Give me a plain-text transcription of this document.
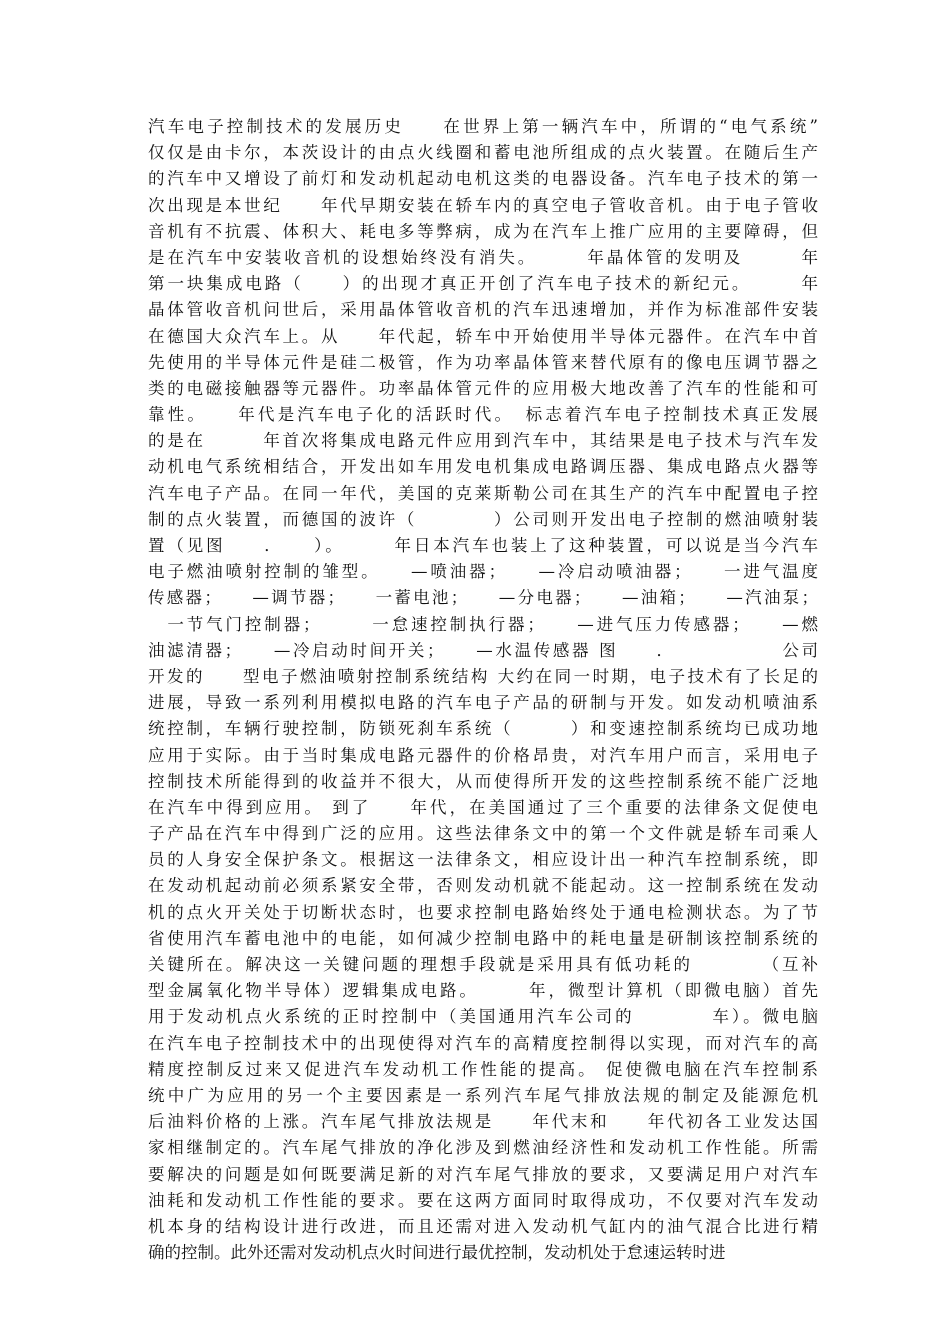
汽车电子控制技术的发展历史　　在世界上第一辆汽车中，所谓的“电气系统”
仅仅是由卡尔，本茨设计的由点火线圈和蓄电池所组成的点火装置。在随后生产
的汽车中又增设了前灯和发动机起动电机这类的电器设备。汽车电子技术的第一
次出现是本世纪　　年代早期安装在轿车内的真空电子管收音机。由于电子管收
音机有不抗震、体积大、耗电多等弊病，成为在汽车上推广应用的主要障碍，但
是在汽车中安装收音机的设想始终没有消失。　　　年晶体管的发明及　　　年
第一块集成电路（　　）的出现才真正开创了汽车电子技术的新纪元。　　　年
晶体管收音机问世后，采用晶体管收音机的汽车迅速增加，并作为标准部件安装
在德国大众汽车上。从　　年代起，轿车中开始使用半导体元器件。在汽车中首
先使用的半导体元件是硅二极管，作为功率晶体管来替代原有的像电压调节器之
类的电磁接触器等元器件。功率晶体管元件的应用极大地改善了汽车的性能和可
靠性。　　年代是汽车电子化的活跃时代。　标志着汽车电子控制技术真正发展
的是在　　　年首次将集成电路元件应用到汽车中，其结果是电子技术与汽车发
动机电气系统相结合，开发出如车用发电机集成电路调压器、集成电路点火器等
汽车电子产品。在同一年代，美国的克莱斯勒公司在其生产的汽车中配置电子控
制的点火装置，而德国的波许（　　　　）公司则开发出电子控制的燃油喷射装
置（见图　　．　　）。　　　年日本汽车也装上了这种装置，可以说是当今汽车
电子燃油喷射控制的雏型。　　—喷油器；　　—冷启动喷油器；　　一进气温度
传感器；　　—调节器；　　一蓄电池；　　—分电器；　　—油箱；　　—汽油泵；
　一节气门控制器；　　　一怠速控制执行器；　　—进气压力传感器；　　—燃
油滤清器；　　—冷启动时间开关；　　—水温传感器 图　　．　　　　　　公司
开发的　　型电子燃油喷射控制系统结构 大约在同一时期，电子技术有了长足的
进展，导致一系列利用模拟电路的汽车电子产品的研制与开发。如发动机喷油系
统控制，车辆行驶控制，防锁死刹车系统（　　　）和变速控制系统均已成功地
应用于实际。由于当时集成电路元器件的价格昂贵，对汽车用户而言，采用电子
控制技术所能得到的收益并不很大，从而使得所开发的这些控制系统不能广泛地
在汽车中得到应用。 到了　　年代，在美国通过了三个重要的法律条文促使电
子产品在汽车中得到广泛的应用。这些法律条文中的第一个文件就是轿车司乘人
员的人身安全保护条文。根据这一法律条文，相应设计出一种汽车控制系统，即
在发动机起动前必须系紧安全带，否则发动机就不能起动。这一控制系统在发动
机的点火开关处于切断状态时，也要求控制电路始终处于通电检测状态。为了节
省使用汽车蓄电池中的电能，如何减少控制电路中的耗电量是研制该控制系统的
关键所在。解决这一关键问题的理想手段就是采用具有低功耗的　　　　（互补
型金属氧化物半导体）逻辑集成电路。　　　年，微型计算机（即微电脑）首先
用于发动机点火系统的正时控制中（美国通用汽车公司的　　　　车）。微电脑
在汽车电子控制技术中的出现使得对汽车的高精度控制得以实现，而对汽车的高
精度控制反过来又促进汽车发动机工作性能的提高。 促使微电脑在汽车控制系
统中广为应用的另一个主要因素是一系列汽车尾气排放法规的制定及能源危机
后油料价格的上涨。汽车尾气排放法规是　　年代末和　　年代初各工业发达国
家相继制定的。汽车尾气排放的净化涉及到燃油经济性和发动机工作性能。所需
要解决的问题是如何既要满足新的对汽车尾气排放的要求，又要满足用户对汽车
油耗和发动机工作性能的要求。要在这两方面同时取得成功，不仅要对汽车发动
机本身的结构设计进行改进，而且还需对进入发动机气缸内的油气混合比进行精
确的控制。此外还需对发动机点火时间进行最优控制，发动机处于怠速运转时进
